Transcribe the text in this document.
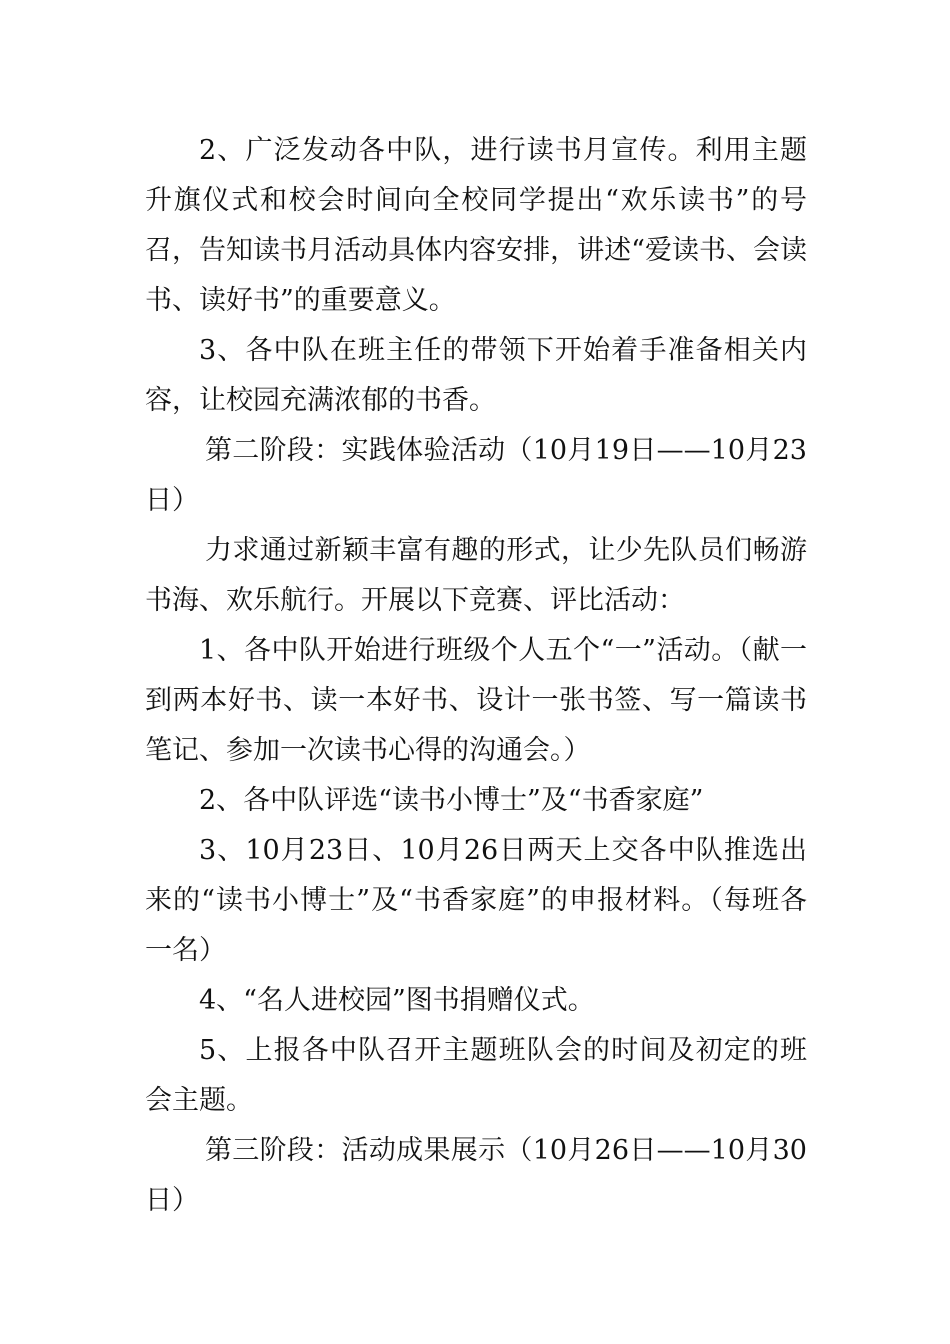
2、广泛发动各中队，进行读书月宣传。利用主题升旗仪式和校会时间向全校同学提出“欢乐读书”的号召，告知读书月活动具体内容安排，讲述“爱读书、会读书、读好书”的重要意义。

3、各中队在班主任的带领下开始着手准备相关内容，让校园充满浓郁的书香。

第二阶段：实践体验活动（10月19日——10月23日）

力求通过新颖丰富有趣的形式，让少先队员们畅游书海、欢乐航行。开展以下竞赛、评比活动：

1、各中队开始进行班级个人五个“一”活动。（献一到两本好书、读一本好书、设计一张书签、写一篇读书笔记、参加一次读书心得的沟通会。）

2、各中队评选“读书小博士”及“书香家庭”

3、10月23日、10月26日两天上交各中队推选出来的“读书小博士”及“书香家庭”的申报材料。（每班各一名）

4、“名人进校园”图书捐赠仪式。

5、上报各中队召开主题班队会的时间及初定的班会主题。

第三阶段：活动成果展示（10月26日——10月30日）
